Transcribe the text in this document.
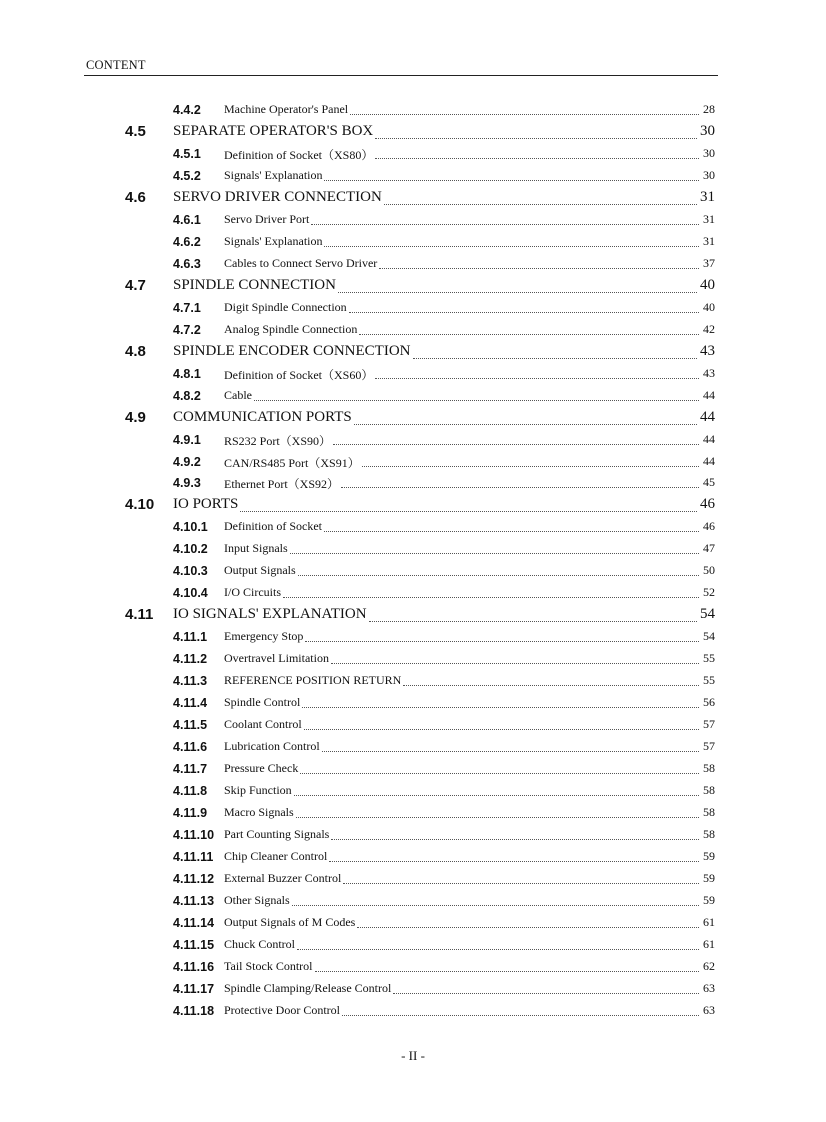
CONTENT
4.4.2 Machine Operator's Panel	28
4.5 SEPARATE OPERATOR'S BOX	30
4.5.1 Definition of Socket（XS80）	30
4.5.2 Signals' Explanation	30
4.6 SERVO DRIVER CONNECTION	31
4.6.1 Servo Driver Port	31
4.6.2 Signals' Explanation	31
4.6.3 Cables to Connect Servo Driver	37
4.7 SPINDLE CONNECTION	40
4.7.1 Digit Spindle Connection	40
4.7.2 Analog Spindle Connection	42
4.8 SPINDLE ENCODER CONNECTION	43
4.8.1 Definition of Socket（XS60）	43
4.8.2 Cable	44
4.9 COMMUNICATION PORTS	44
4.9.1 RS232 Port（XS90）	44
4.9.2 CAN/RS485 Port（XS91）	44
4.9.3 Ethernet Port（XS92）	45
4.10 IO PORTS	46
4.10.1 Definition of Socket	46
4.10.2 Input Signals	47
4.10.3 Output Signals	50
4.10.4 I/O Circuits	52
4.11 IO SIGNALS' EXPLANATION	54
4.11.1 Emergency Stop	54
4.11.2 Overtravel Limitation	55
4.11.3 REFERENCE POSITION RETURN	55
4.11.4 Spindle Control	56
4.11.5 Coolant Control	57
4.11.6 Lubrication Control	57
4.11.7 Pressure Check	58
4.11.8 Skip Function	58
4.11.9 Macro Signals	58
4.11.10 Part Counting Signals	58
4.11.11 Chip Cleaner Control	59
4.11.12 External Buzzer Control	59
4.11.13 Other Signals	59
4.11.14 Output Signals of M Codes	61
4.11.15 Chuck Control	61
4.11.16 Tail Stock Control	62
4.11.17 Spindle Clamping/Release Control	63
4.11.18 Protective Door Control	63
- II -
